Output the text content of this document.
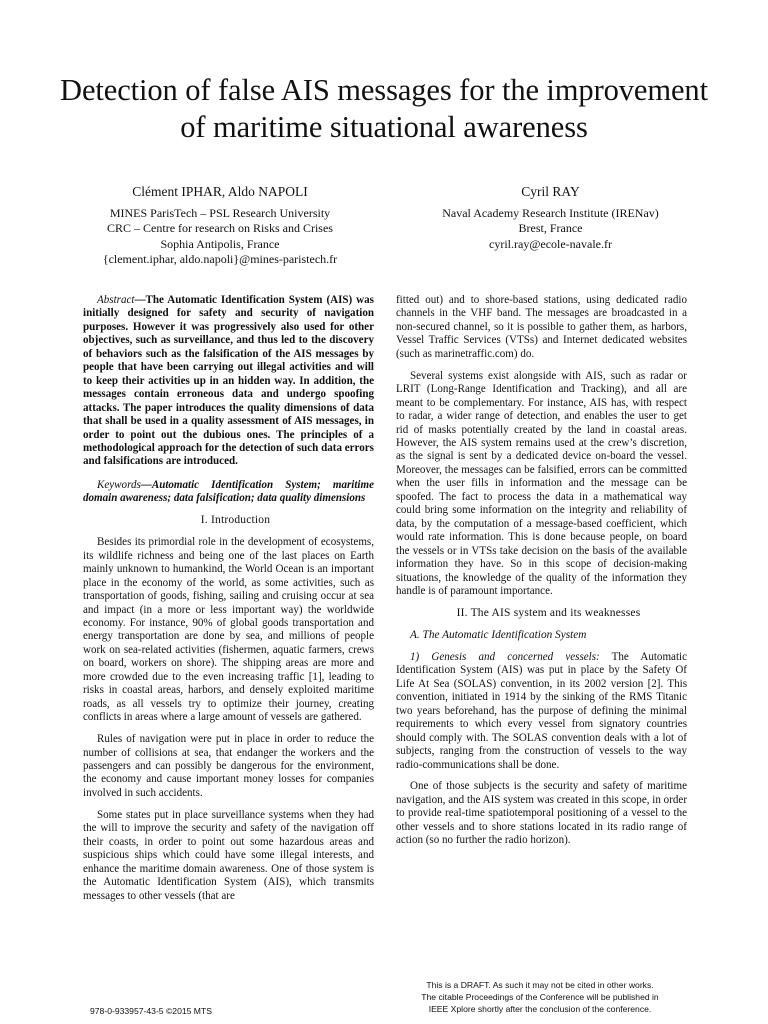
Detection of false AIS messages for the improvement
of maritime situational awareness
Clément IPHAR, Aldo NAPOLI
MINES ParisTech – PSL Research University
CRC – Centre for research on Risks and Crises
Sophia Antipolis, France
{clement.iphar, aldo.napoli}@mines-paristech.fr
Cyril RAY
Naval Academy Research Institute (IRENav)
Brest, France
cyril.ray@ecole-navale.fr

Abstract—The Automatic Identification System (AIS) was initially designed for safety and security of navigation purposes. However it was progressively also used for other objectives, such as surveillance, and thus led to the discovery of behaviors such as the falsification of the AIS messages by people that have been carrying out illegal activities and will to keep their activities up in an hidden way. In addition, the messages contain erroneous data and undergo spoofing attacks. The paper introduces the quality dimensions of data that shall be used in a quality assessment of AIS messages, in order to point out the dubious ones. The principles of a methodological approach for the detection of such data errors and falsifications are introduced.

Keywords—Automatic Identification System; maritime domain awareness; data falsification; data quality dimensions

I. Introduction

Besides its primordial role in the development of ecosystems, its wildlife richness and being one of the last places on Earth mainly unknown to humankind, the World Ocean is an important place in the economy of the world, as some activities, such as transportation of goods, fishing, sailing and cruising occur at sea and impact (in a more or less important way) the worldwide economy. For instance, 90% of global goods transportation and energy transportation are done by sea, and millions of people work on sea-related activities (fishermen, aquatic farmers, crews on board, workers on shore). The shipping areas are more and more crowded due to the even increasing traffic [1], leading to risks in coastal areas, harbors, and densely exploited maritime roads, as all vessels try to optimize their journey, creating conflicts in areas where a large amount of vessels are gathered.

Rules of navigation were put in place in order to reduce the number of collisions at sea, that endanger the workers and the passengers and can possibly be dangerous for the environment, the economy and cause important money losses for companies involved in such accidents.

Some states put in place surveillance systems when they had the will to improve the security and safety of the navigation off their coasts, in order to point out some hazardous areas and suspicious ships which could have some illegal interests, and enhance the maritime domain awareness. One of those system is the Automatic Identification System (AIS), which transmits messages to other vessels (that are

fitted out) and to shore-based stations, using dedicated radio channels in the VHF band. The messages are broadcasted in a non-secured channel, so it is possible to gather them, as harbors, Vessel Traffic Services (VTSs) and Internet dedicated websites (such as marinetraffic.com) do.

Several systems exist alongside with AIS, such as radar or LRIT (Long-Range Identification and Tracking), and all are meant to be complementary. For instance, AIS has, with respect to radar, a wider range of detection, and enables the user to get rid of masks potentially created by the land in coastal areas. However, the AIS system remains used at the crew’s discretion, as the signal is sent by a dedicated device on-board the vessel. Moreover, the messages can be falsified, errors can be committed when the user fills in information and the message can be spoofed. The fact to process the data in a mathematical way could bring some information on the integrity and reliability of data, by the computation of a message-based coefficient, which would rate information. This is done because people, on board the vessels or in VTSs take decision on the basis of the available information they have. So in this scope of decision-making situations, the knowledge of the quality of the information they handle is of paramount importance.

II. The AIS system and its weaknesses

A. The Automatic Identification System

1) Genesis and concerned vessels: The Automatic Identification System (AIS) was put in place by the Safety Of Life At Sea (SOLAS) convention, in its 2002 version [2]. This convention, initiated in 1914 by the sinking of the RMS Titanic two years beforehand, has the purpose of defining the minimal requirements to which every vessel from signatory countries should comply with. The SOLAS convention deals with a lot of subjects, ranging from the construction of vessels to the way radio-communications shall be done.

One of those subjects is the security and safety of maritime navigation, and the AIS system was created in this scope, in order to provide real-time spatiotemporal positioning of a vessel to the other vessels and to shore stations located in its radio range of action (so no further the radio horizon).

This is a DRAFT. As such it may not be cited in other works.
The citable Proceedings of the Conference will be published in
IEEE Xplore shortly after the conclusion of the conference.
978-0-933957-43-5 ©2015 MTS
